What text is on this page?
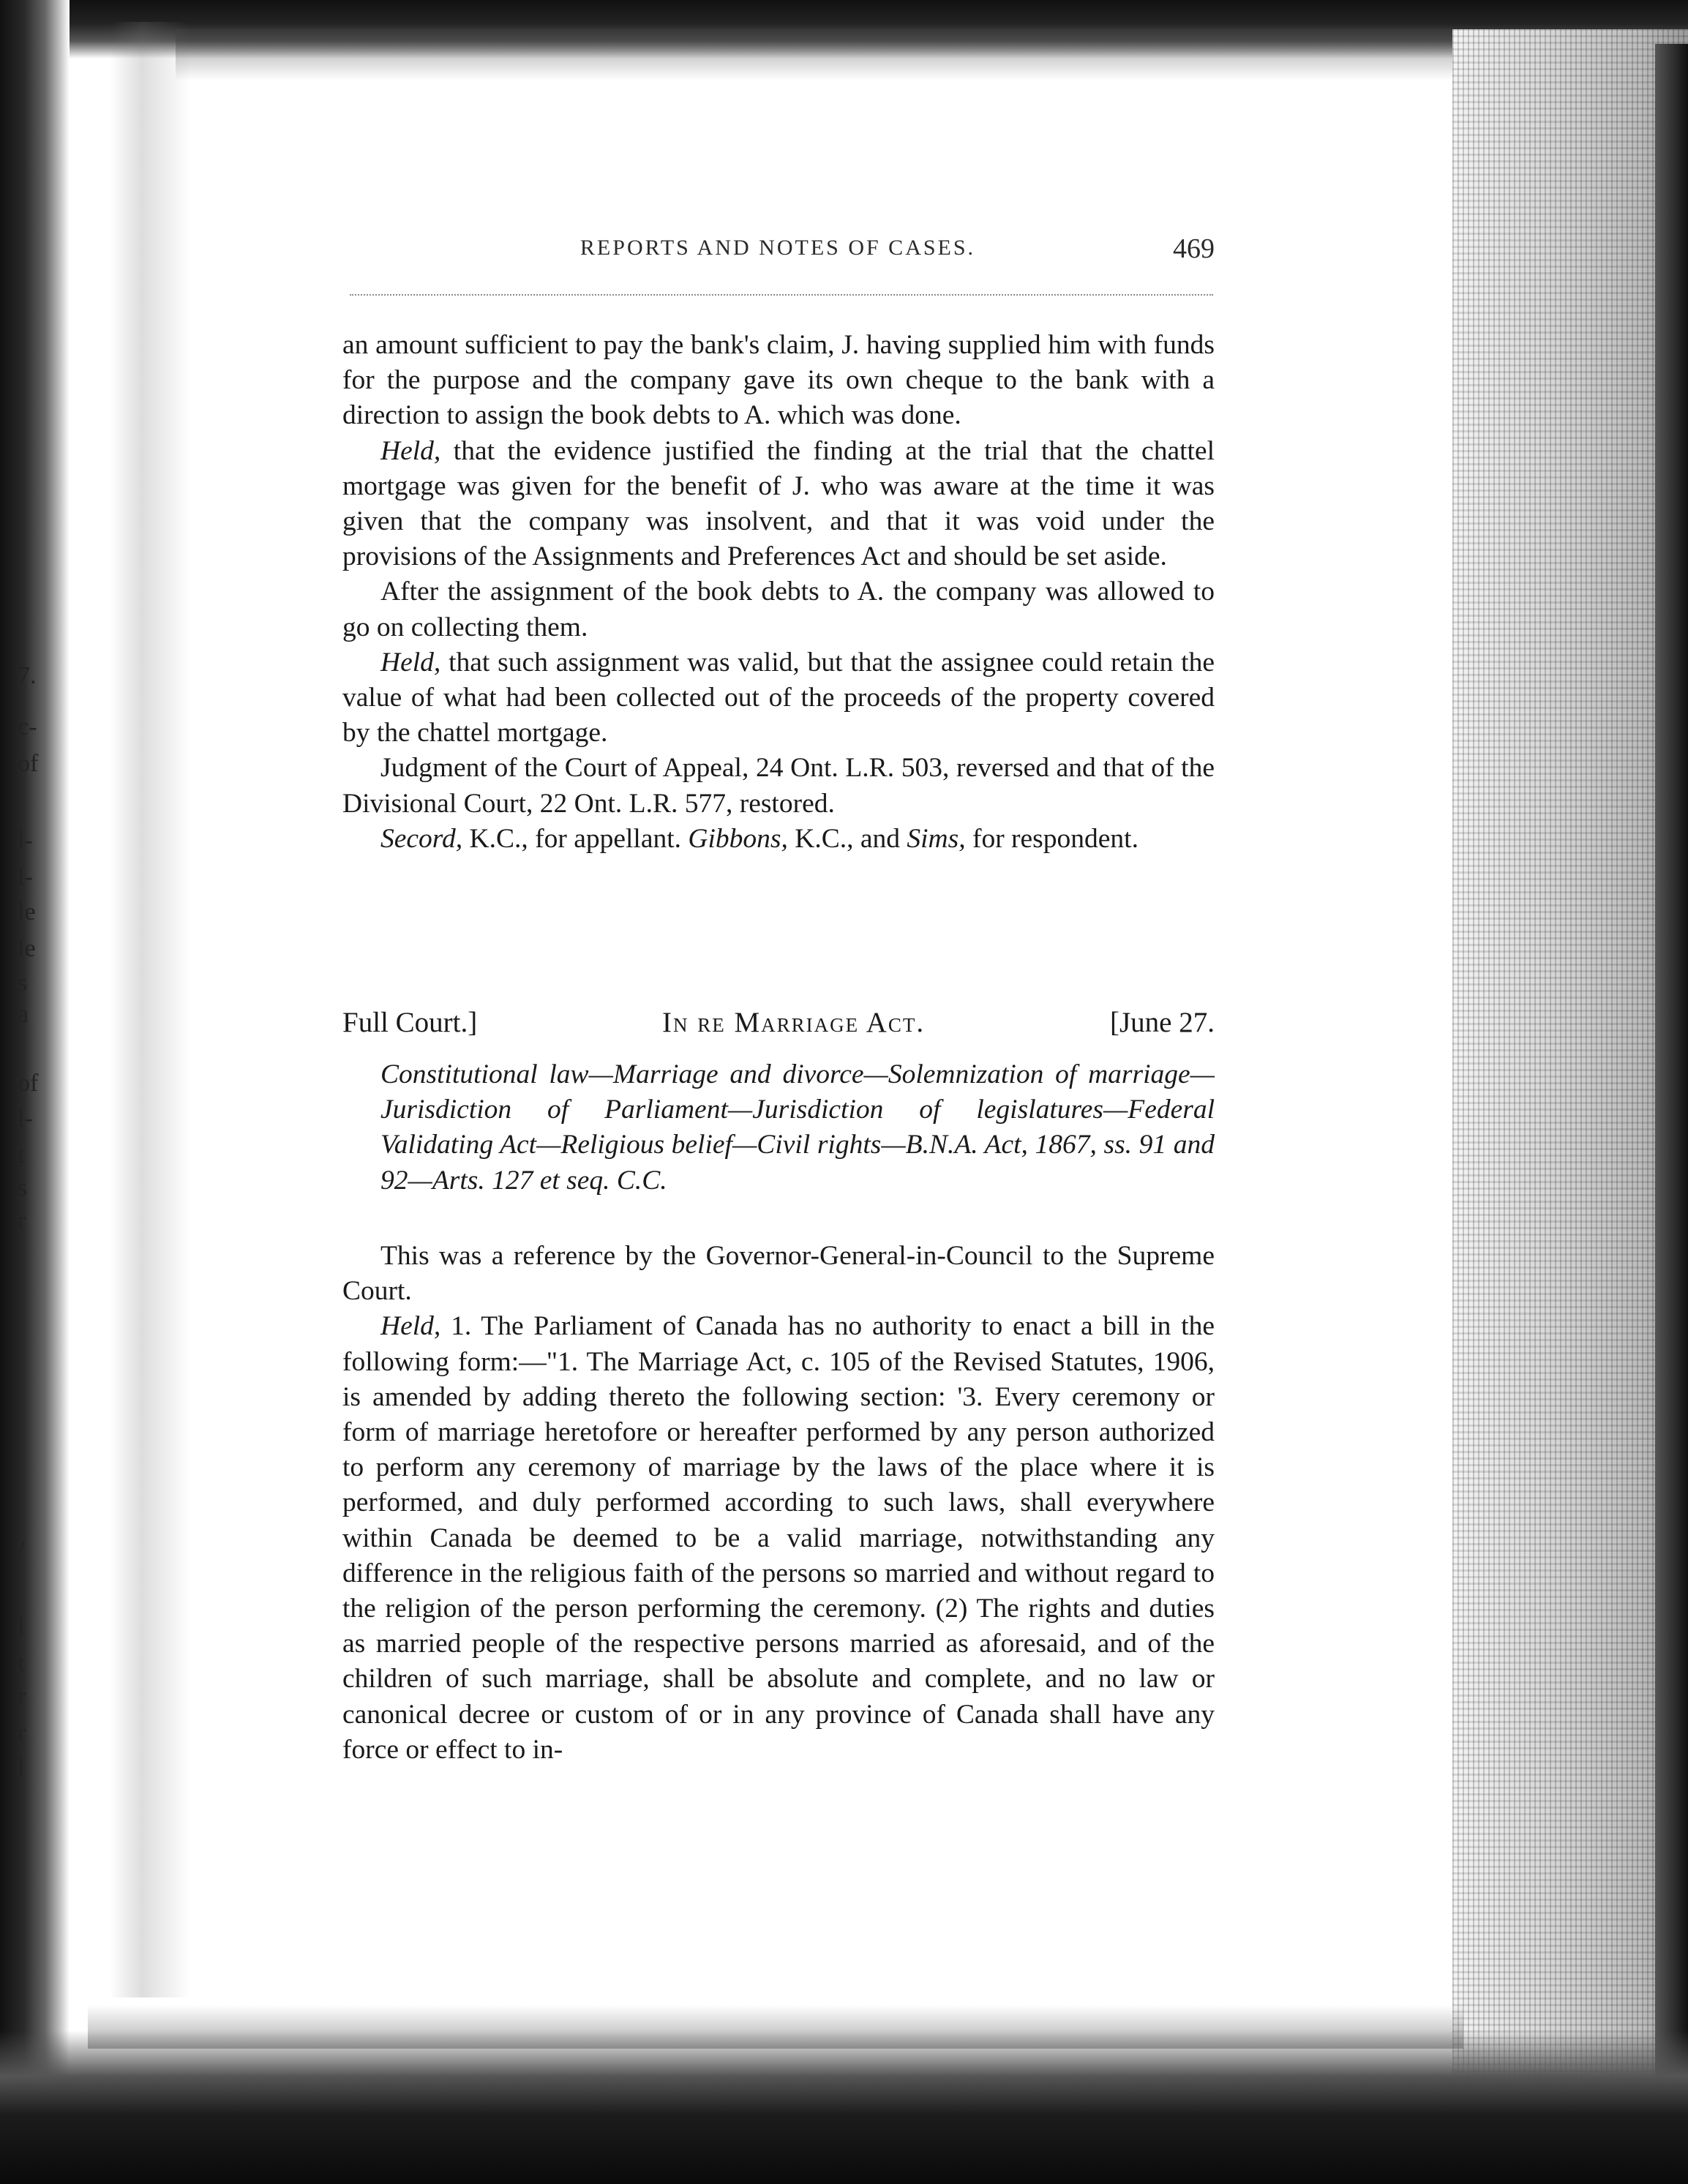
7.
c-
of
l-
l-
le
le
s
a
of
l-
t
s
r
/
l
t
r
r
l
REPORTS AND NOTES OF CASES.	469

an amount sufficient to pay the bank's claim, J. having supplied him with funds for the purpose and the company gave its own cheque to the bank with a direction to assign the book debts to A. which was done.

Held, that the evidence justified the finding at the trial that the chattel mortgage was given for the benefit of J. who was aware at the time it was given that the company was insolvent, and that it was void under the provisions of the Assignments and Preferences Act and should be set aside.

After the assignment of the book debts to A. the company was allowed to go on collecting them.

Held, that such assignment was valid, but that the assignee could retain the value of what had been collected out of the proceeds of the property covered by the chattel mortgage.

Judgment of the Court of Appeal, 24 Ont. L.R. 503, reversed and that of the Divisional Court, 22 Ont. L.R. 577, restored.

Secord, K.C., for appellant. Gibbons, K.C., and Sims, for respondent.

Full Court.]	In re Marriage Act.	[June 27.
Constitutional law—Marriage and divorce—Solemnization of marriage—Jurisdiction of Parliament—Jurisdiction of legislatures—Federal Validating Act—Religious belief—Civil rights—B.N.A. Act, 1867, ss. 91 and 92—Arts. 127 et seq. C.C.

This was a reference by the Governor-General-in-Council to the Supreme Court.

Held, 1. The Parliament of Canada has no authority to enact a bill in the following form:—"1. The Marriage Act, c. 105 of the Revised Statutes, 1906, is amended by adding thereto the following section: '3. Every ceremony or form of marriage heretofore or hereafter performed by any person authorized to perform any ceremony of marriage by the laws of the place where it is performed, and duly performed according to such laws, shall everywhere within Canada be deemed to be a valid marriage, notwithstanding any difference in the religious faith of the persons so married and without regard to the religion of the person performing the ceremony. (2) The rights and duties as married people of the respective persons married as aforesaid, and of the children of such marriage, shall be absolute and complete, and no law or canonical decree or custom of or in any province of Canada shall have any force or effect to in-
